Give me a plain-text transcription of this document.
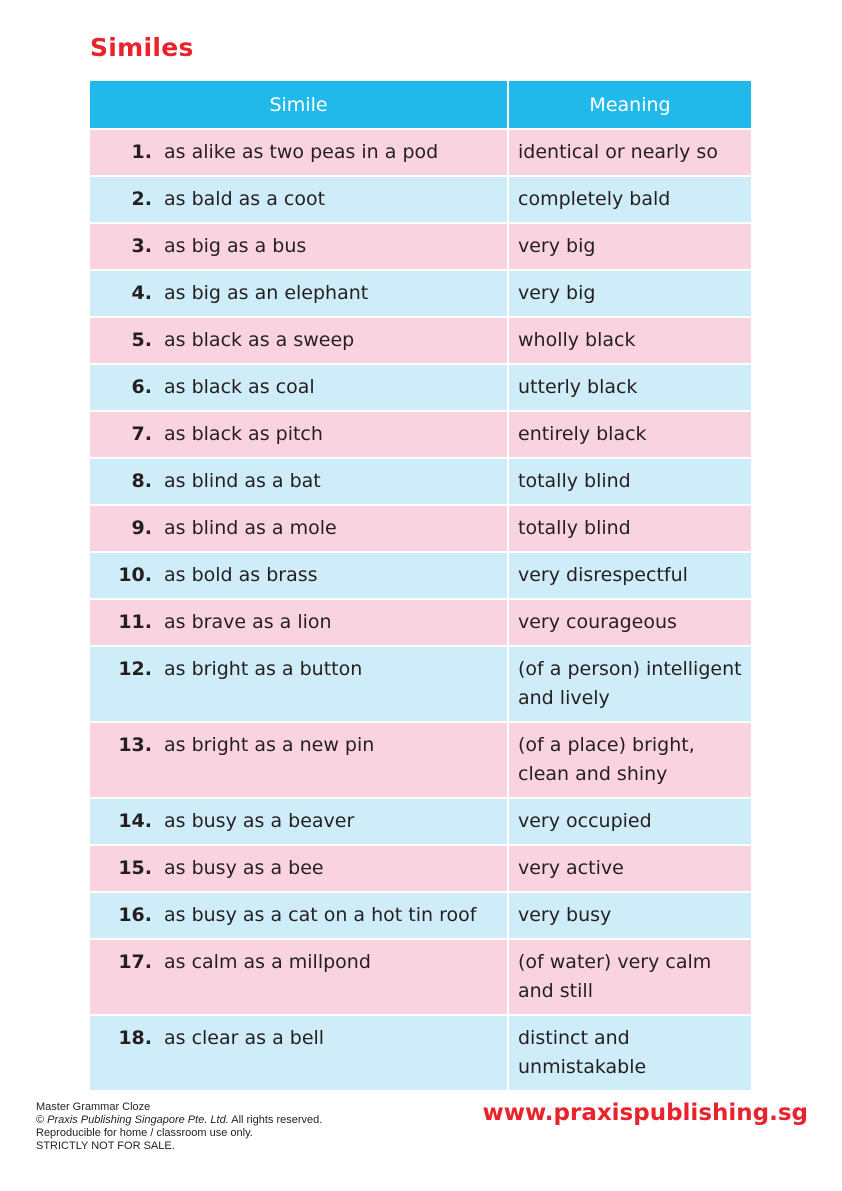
Similes
Simile		Meaning
1.	as alike as two peas in a pod	identical or nearly so
2.	as bald as a coot	completely bald
3.	as big as a bus	very big
4.	as big as an elephant	very big
5.	as black as a sweep	wholly black
6.	as black as coal	utterly black
7.	as black as pitch	entirely black
8.	as blind as a bat	totally blind
9.	as blind as a mole	totally blind
10.	as bold as brass	very disrespectful
11.	as brave as a lion	very courageous
12.	as bright as a button	(of a person) intelligent and lively
13.	as bright as a new pin	(of a place) bright, clean and shiny
14.	as busy as a beaver	very occupied
15.	as busy as a bee	very active
16.	as busy as a cat on a hot tin roof	very busy
17.	as calm as a millpond	(of water) very calm and still
18.	as clear as a bell	distinct and unmistakable
Master Grammar Cloze
© Praxis Publishing Singapore Pte. Ltd. All rights reserved.
Reproducible for home / classroom use only.
STRICTLY NOT FOR SALE.
www.praxispublishing.sg
